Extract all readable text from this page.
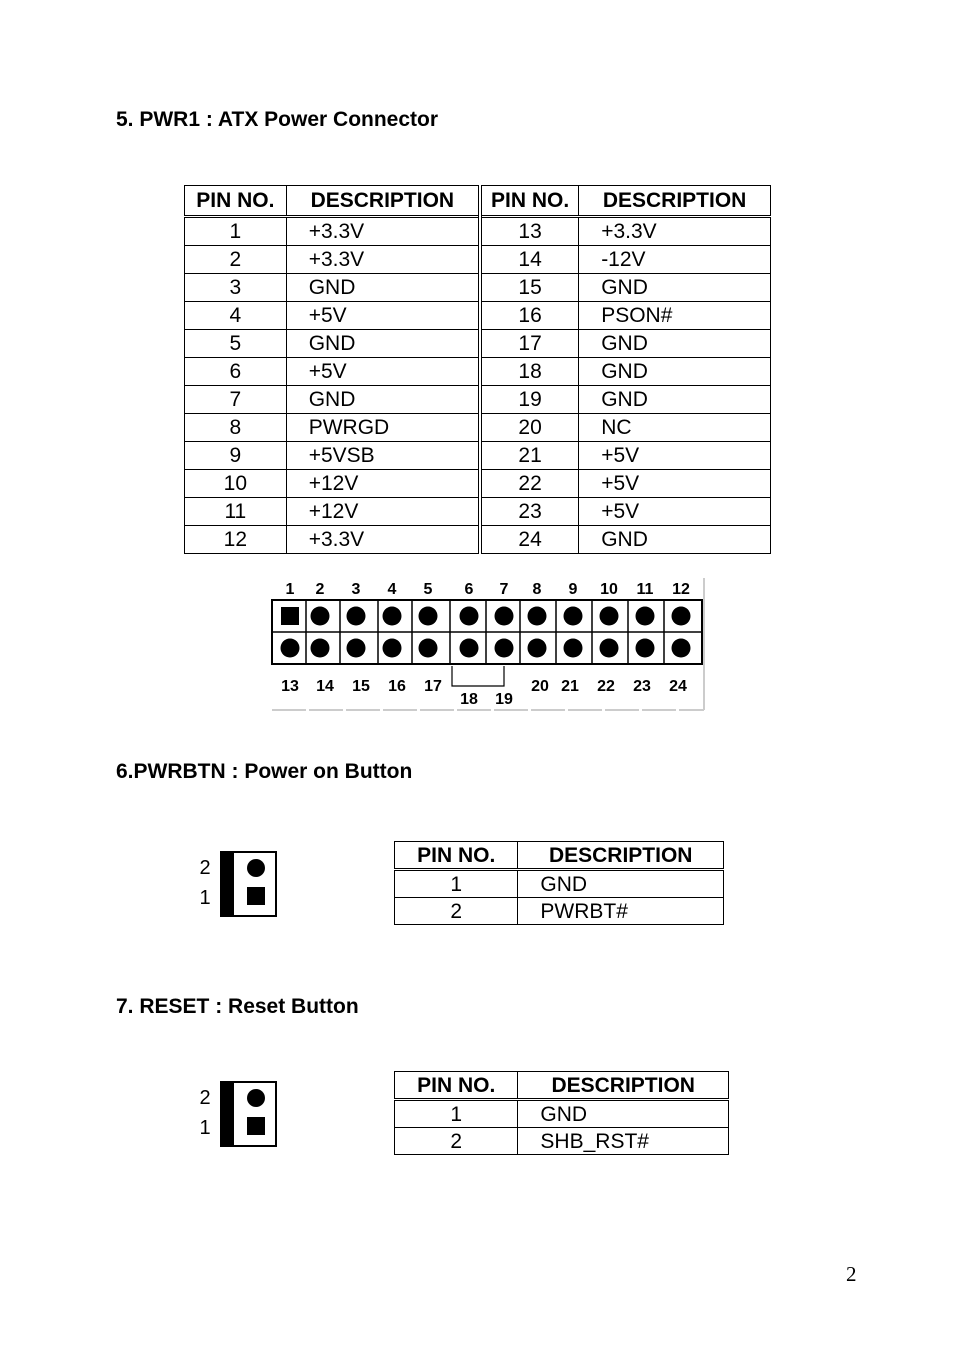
5. PWR1 : ATX Power Connector
PIN NO.	DESCRIPTION	PIN NO.	DESCRIPTION
1	+3.3V	13	+3.3V
2	+3.3V	14	-12V
3	GND	15	GND
4	+5V	16	PSON#
5	GND	17	GND
6	+5V	18	GND
7	GND	19	GND
8	PWRGD	20	NC
9	+5VSB	21	+5V
10	+12V	22	+5V
11	+12V	23	+5V
12	+3.3V	24	GND
1 2 3 4 5 6 7 8 9 10 11 12
13 14 15 16 17
18 19
20 21 22 23 24
6.PWRBTN : Power on Button
2
1
PIN NO.	DESCRIPTION
1	GND
2	PWRBT#
7. RESET : Reset Button
2
1
PIN NO.	DESCRIPTION
1	GND
2	SHB_RST#
2
